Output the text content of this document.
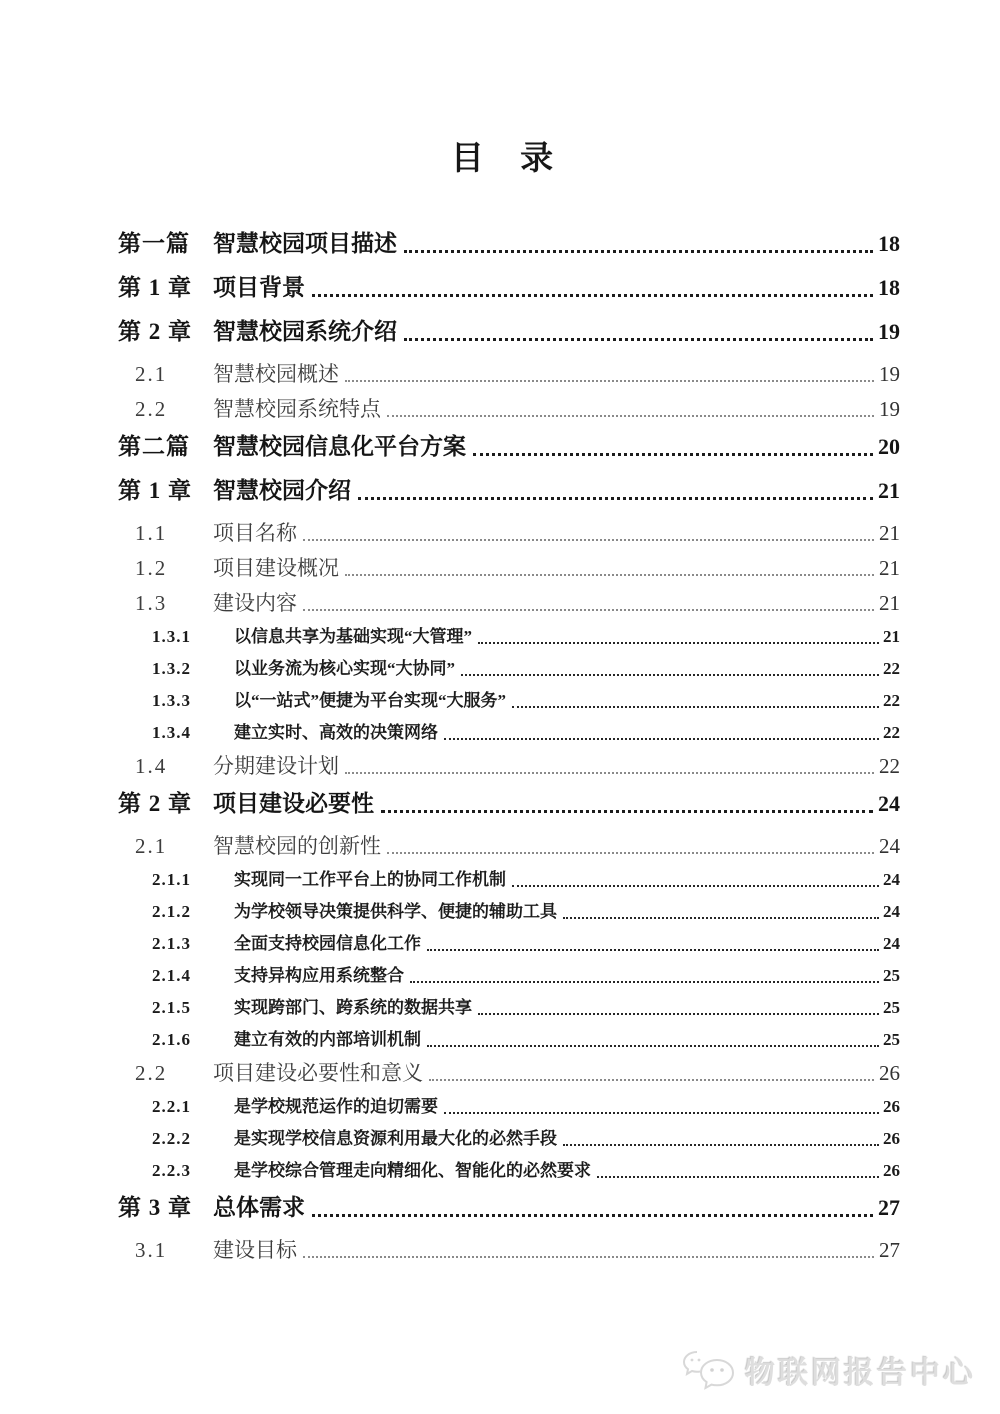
目 录
第一篇	智慧校园项目描述	18
第 1 章 项目背景	18
第 2 章 智慧校园系统介绍	19
2.1	智慧校园概述	19
2.2	智慧校园系统特点	19
第二篇	智慧校园信息化平台方案	20
第 1 章 智慧校园介绍	21
1.1	项目名称	21
1.2	项目建设概况	21
1.3	建设内容	21
1.3.1	以信息共享为基础实现“大管理”	21
1.3.2	以业务流为核心实现“大协同”	22
1.3.3	以“一站式”便捷为平台实现“大服务”	22
1.3.4	建立实时、高效的决策网络	22
1.4	分期建设计划	22
第 2 章 项目建设必要性	24
2.1	智慧校园的创新性	24
2.1.1	实现同一工作平台上的协同工作机制	24
2.1.2	为学校领导决策提供科学、便捷的辅助工具	24
2.1.3	全面支持校园信息化工作	24
2.1.4	支持异构应用系统整合	25
2.1.5	实现跨部门、跨系统的数据共享	25
2.1.6	建立有效的内部培训机制	25
2.2	项目建设必要性和意义	26
2.2.1	是学校规范运作的迫切需要	26
2.2.2	是实现学校信息资源利用最大化的必然手段	26
2.2.3	是学校综合管理走向精细化、智能化的必然要求	26
第 3 章 总体需求	27
3.1	建设目标	27
物联网报告中心
